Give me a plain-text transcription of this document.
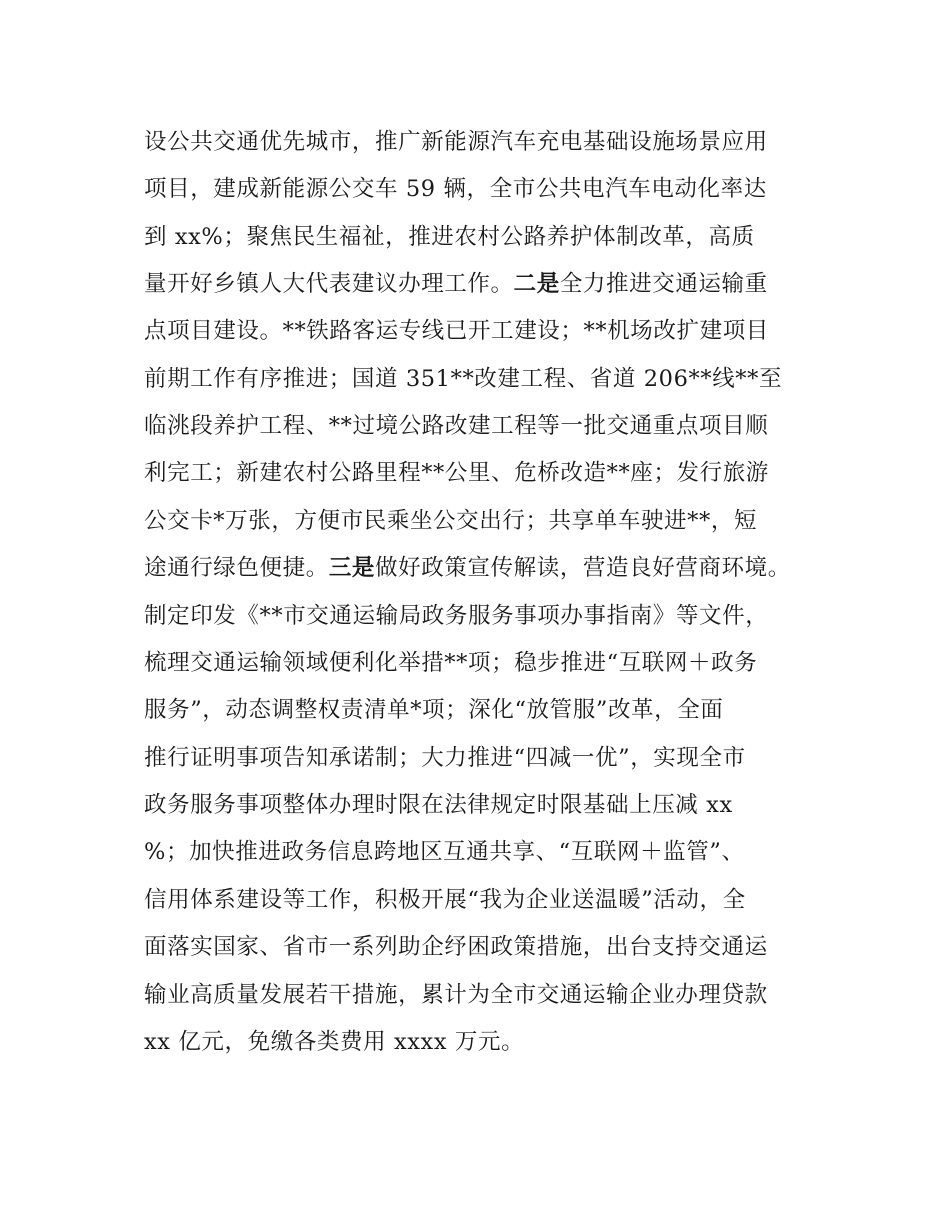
设公共交通优先城市，推广新能源汽车充电基础设施场景应用
项目，建成新能源公交车 59 辆，全市公共电汽车电动化率达
到 xx%；聚焦民生福祉，推进农村公路养护体制改革，高质
量开好乡镇人大代表建议办理工作。二是全力推进交通运输重
点项目建设。**铁路客运专线已开工建设；**机场改扩建项目
前期工作有序推进；国道 351**改建工程、省道 206**线**至
临洮段养护工程、**过境公路改建工程等一批交通重点项目顺
利完工；新建农村公路里程**公里、危桥改造**座；发行旅游
公交卡*万张，方便市民乘坐公交出行；共享单车驶进**，短
途通行绿色便捷。三是做好政策宣传解读，营造良好营商环境。
制定印发《**市交通运输局政务服务事项办事指南》等文件，
梳理交通运输领域便利化举措**项；稳步推进“互联网＋政务
服务”，动态调整权责清单*项；深化“放管服”改革，全面
推行证明事项告知承诺制；大力推进“四减一优”，实现全市
政务服务事项整体办理时限在法律规定时限基础上压减 xx
%；加快推进政务信息跨地区互通共享、“互联网＋监管”、
信用体系建设等工作，积极开展“我为企业送温暖”活动，全
面落实国家、省市一系列助企纾困政策措施，出台支持交通运
输业高质量发展若干措施，累计为全市交通运输企业办理贷款
xx 亿元，免缴各类费用 xxxx 万元。
